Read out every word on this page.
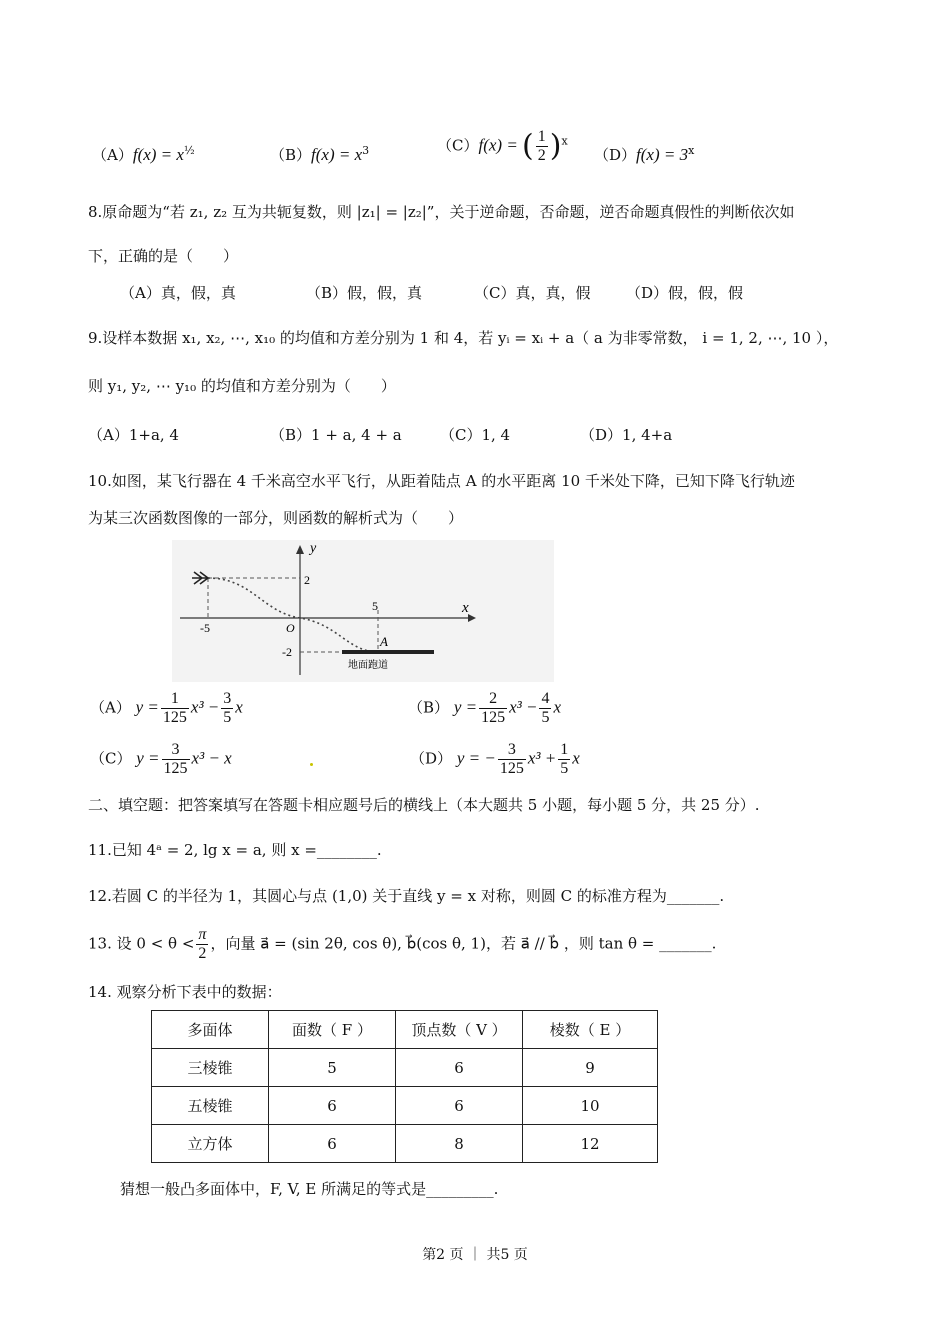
$(A)f(x) = x^{\frac{1}{2}}$	$(B)f(x) = x^3$	（C）f(x) = ( $\frac{1}{2} )^x$
$(D)f(x) = 3^x$
8.原命题为“若 z₁, z₂ 互为共轭复数，则 |z₁| = |z₂|”，关于逆命题，否命题，逆否命题真假性的判断依次如
下，正确的是（　　）
（A）真，假，真	（B）假，假，真	（C）真，真，假 （D）假，假，假
9.设样本数据 x₁, x₂, ⋯, x₁₀ 的均值和方差分别为 1 和 4，若 yᵢ = xᵢ + a（ a 为非零常数， i = 1, 2, ⋯, 10 ），
则 y₁, y₂, ⋯ y₁₀ 的均值和方差分别为（　　）
（A）1+a, 4	（B）1 + a, 4 + a	（C）1, 4	（D）1, 4+a
10.如图，某飞行器在 4 千米高空水平飞行，从距着陆点 A 的水平距离 10 千米处下降，已知下降飞行轨迹
为某三次函数图像的一部分，则函数的解析式为（　　）
y
x
O
2
-2
5
-5
A
地面跑道
（A） $y = \frac{1}{125} x^3 - \frac{3}{5}$ x	（B） $y = \frac{2}{125} x^3 - \frac{4}{5}$ x
（C） $y = \frac{3}{125} x^3 - x$	（D） y = − $\frac{3}{125} x^3 + \frac{1}{5}$ x
二、填空题：把答案填写在答题卡相应题号后的横线上（本大题共 5 小题，每小题 5 分，共 25 分）.
11.已知 4ᵃ = 2, lg x = a, 则 x =________.
12.若圆 C 的半径为 1，其圆心与点 (1,0) 关于直线 y = x 对称，则圆 C 的标准方程为_______.
13. 设 $0 < \theta < \frac{\pi}{2}$ ，向量 a⃗ = (sin 2θ, cos θ), b⃗(cos θ, 1)，若 a⃗ // b⃗ ，则 tan θ = _______.
14. 观察分析下表中的数据：
多面体	面数（ F ）	顶点数（ V ）	棱数（ E ）
三棱锥	5	6	9
五棱锥	6	6	10
立方体	6	8	12
猜想一般凸多面体中，F, V, E 所满足的等式是_________.
第2 页 ｜ 共5 页
